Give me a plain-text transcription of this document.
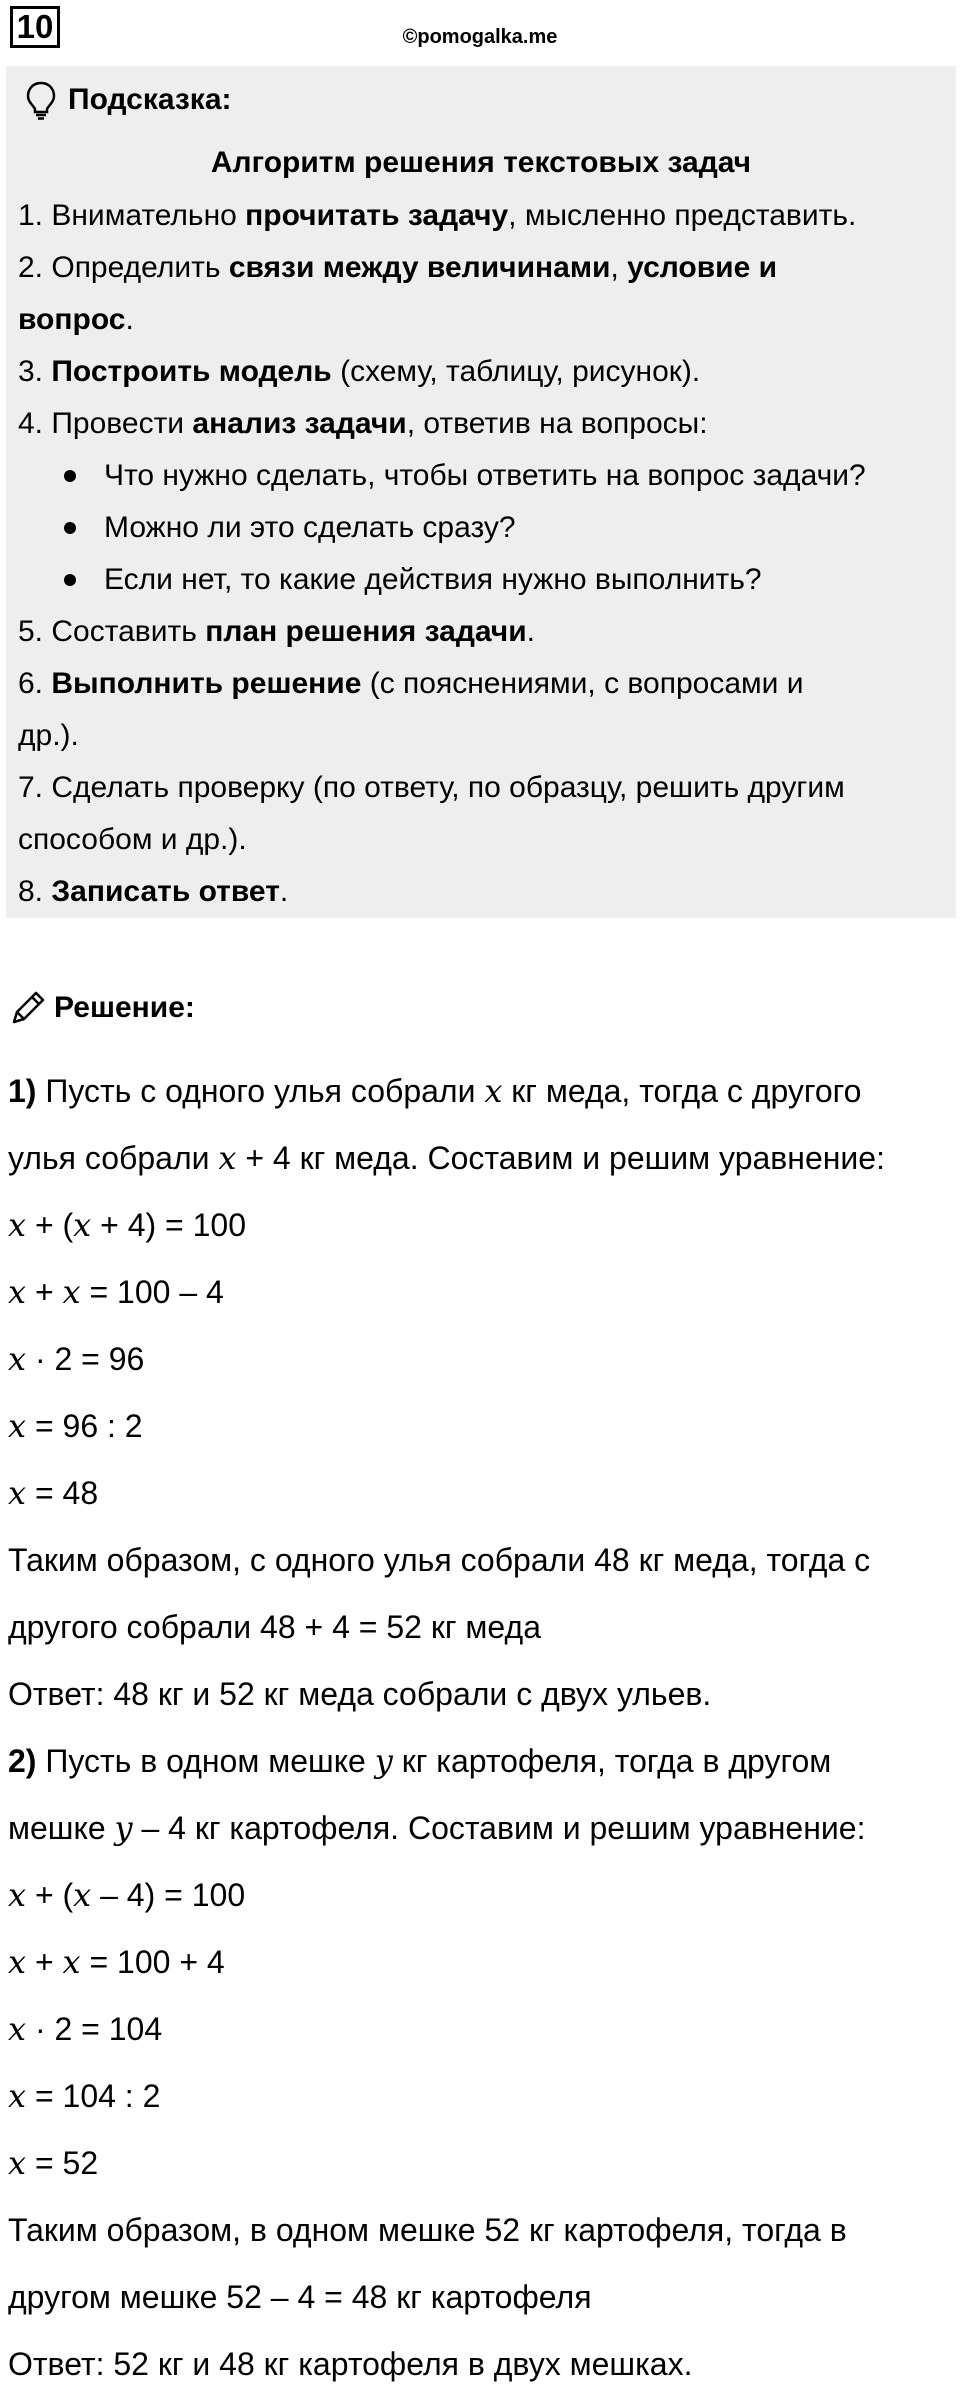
10	©pomogalka.me
Подсказка:
Алгоритм решения текстовых задач
1. Внимательно прочитать задачу, мысленно представить.
2. Определить связи между величинами, условие и
вопрос.
3. Построить модель (схему, таблицу, рисунок).
4. Провести анализ задачи, ответив на вопросы:
Что нужно сделать, чтобы ответить на вопрос задачи?
Можно ли это сделать сразу?
Если нет, то какие действия нужно выполнить?
5. Составить план решения задачи.
6. Выполнить решение (с пояснениями, с вопросами и
др.).
7. Сделать проверку (по ответу, по образцу, решить другим
способом и др.).
8. Записать ответ.
Решение:
1) Пусть с одного улья собрали x кг меда, тогда с другого
улья собрали x + 4 кг меда. Составим и решим уравнение:
x + (x + 4) = 100
x + x = 100 – 4
x · 2 = 96
x = 96 : 2
x = 48
Таким образом, с одного улья собрали 48 кг меда, тогда с
другого собрали 48 + 4 = 52 кг меда
Ответ: 48 кг и 52 кг меда собрали с двух ульев.
2) Пусть в одном мешке y кг картофеля, тогда в другом
мешке y – 4 кг картофеля. Составим и решим уравнение:
x + (x – 4) = 100
x + x = 100 + 4
x · 2 = 104
x = 104 : 2
x = 52
Таким образом, в одном мешке 52 кг картофеля, тогда в
другом мешке 52 – 4 = 48 кг картофеля
Ответ: 52 кг и 48 кг картофеля в двух мешках.
